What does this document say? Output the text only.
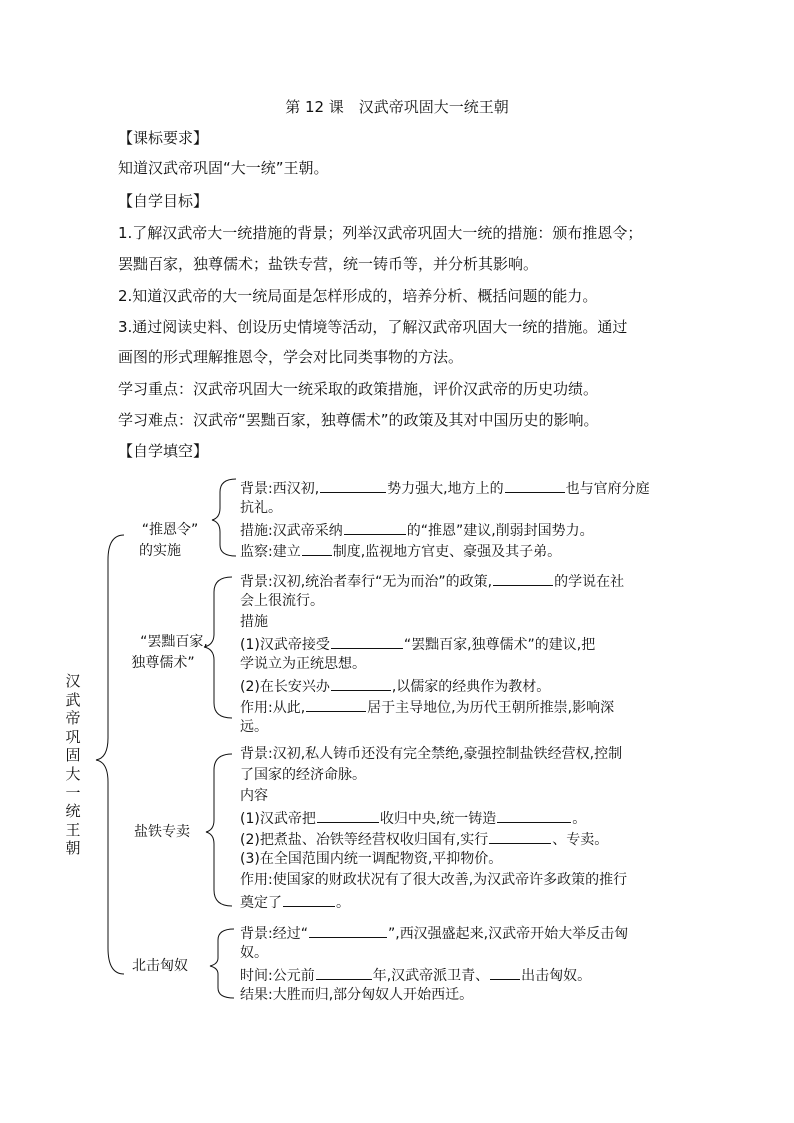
第 12 课　汉武帝巩固大一统王朝
【课标要求】
知道汉武帝巩固“大一统”王朝。
【自学目标】
1.了解汉武帝大一统措施的背景；列举汉武帝巩固大一统的措施：颁布推恩令；
罢黜百家，独尊儒术；盐铁专营，统一铸币等，并分析其影响。
2.知道汉武帝的大一统局面是怎样形成的，培养分析、概括问题的能力。
3.通过阅读史料、创设历史情境等活动，了解汉武帝巩固大一统的措施。通过
画图的形式理解推恩令，学会对比同类事物的方法。
学习重点：汉武帝巩固大一统采取的政策措施，评价汉武帝的历史功绩。
学习难点：汉武帝“罢黜百家，独尊儒术”的政策及其对中国历史的影响。
【自学填空】
汉武帝巩固大一统王朝
“推恩令”
的实施
背景:西汉初,	势力强大,地方上的	也与官府分庭
抗礼。
措施:汉武帝采纳	的“推恩”建议,削弱封国势力。
监察:建立 制度,监视地方官吏、豪强及其子弟。
“罢黜百家,
独尊儒术”
背景:汉初,统治者奉行“无为而治”的政策,	的学说在社
会上很流行。
措施
(1)汉武帝接受	“罢黜百家,独尊儒术”的建议,把
学说立为正统思想。
(2)在长安兴办	,以儒家的经典作为教材。
作用:从此,	居于主导地位,为历代王朝所推崇,影响深
远。
盐铁专卖
背景:汉初,私人铸币还没有完全禁绝,豪强控制盐铁经营权,控制
了国家的经济命脉。
内容
(1)汉武帝把	收归中央,统一铸造	。
(2)把煮盐、冶铁等经营权收归国有,实行	、专卖。
(3)在全国范围内统一调配物资,平抑物价。
作用:使国家的财政状况有了很大改善,为汉武帝许多政策的推行
奠定了	。
北击匈奴
背景:经过“	”,西汉强盛起来,汉武帝开始大举反击匈
奴。
时间:公元前	年,汉武帝派卫青、 出击匈奴。
结果:大胜而归,部分匈奴人开始西迁。
